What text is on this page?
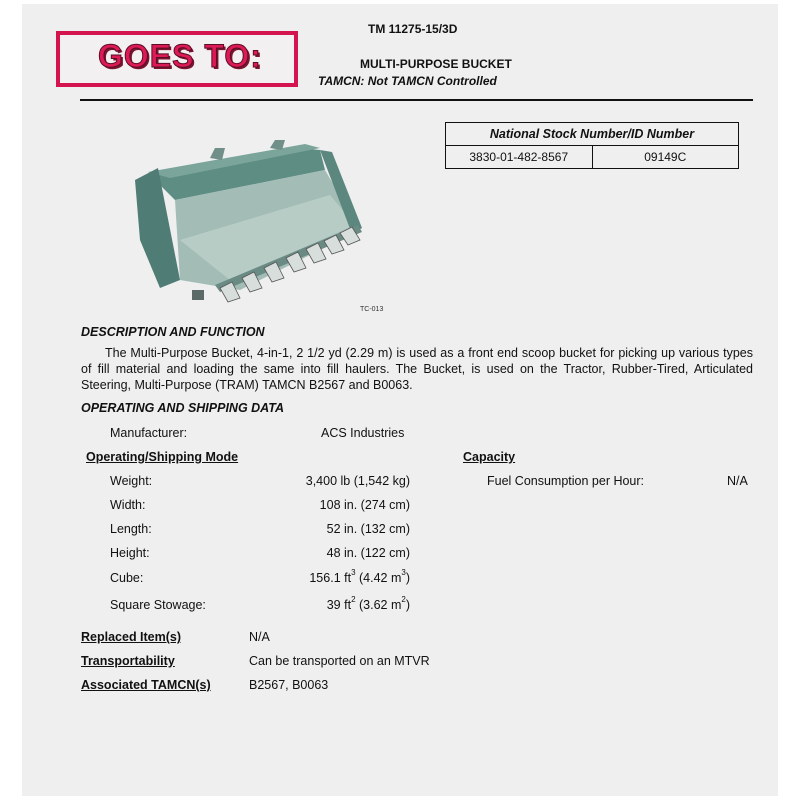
TM 11275-15/3D
GOES TO:	MULTI-PURPOSE BUCKET
TAMCN: Not TAMCN Controlled
National Stock Number/ID Number
3830-01-482-8567	09149C
TC-013
DESCRIPTION AND FUNCTION
The Multi-Purpose Bucket, 4-in-1, 2 1/2 yd (2.29 m) is used as a front end scoop bucket for picking up various types of fill material and loading the same into fill haulers. The Bucket, is used on the Tractor, Rubber-Tired, Articulated Steering, Multi-Purpose (TRAM) TAMCN B2567 and B0063.
OPERATING AND SHIPPING DATA
Manufacturer:	ACS Industries
Operating/Shipping Mode	Capacity
Weight:	3,400 lb (1,542 kg)	Fuel Consumption per Hour:	N/A
Width:	108 in. (274 cm)
Length:	52 in. (132 cm)
Height:	48 in. (122 cm)
Cube:	156.1 $ft^3$ (4.42 $m^3$)
Square Stowage:	39 $ft^2$ (3.62 $m^2$)
Replaced Item(s)	N/A
Transportability	Can be transported on an MTVR
Associated TAMCN(s)	B2567, B0063
